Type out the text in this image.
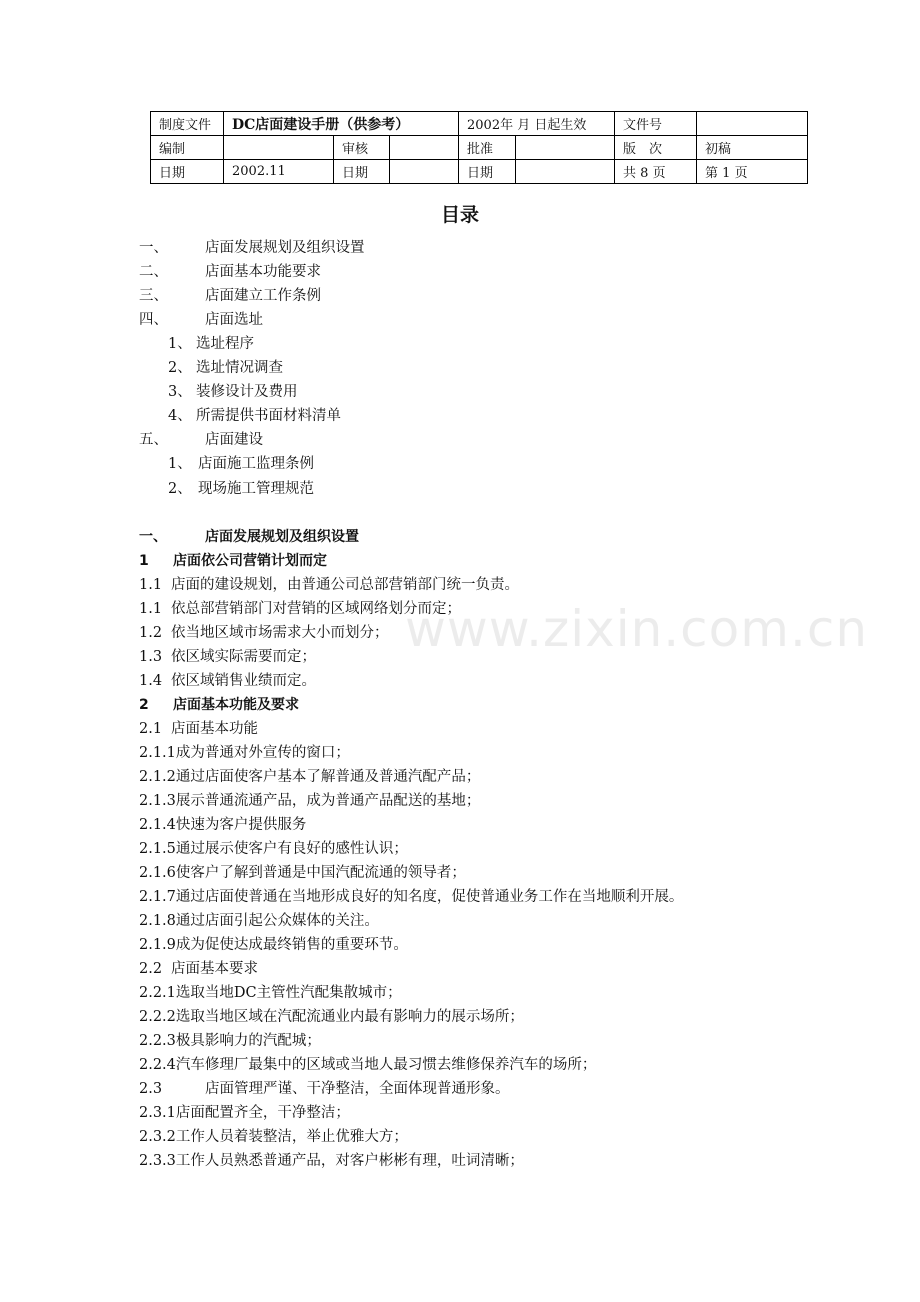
制度文件	DC店面建设手册（供参考）			2002年 月 日起生效		文件号	
编制		审核		批准		版　次	初稿
日期	2002.11	日期		日期		共 8 页	第 1 页
目录
一、	店面发展规划及组织设置
二、	店面基本功能要求
三、	店面建立工作条例
四、	店面选址
1、 选址程序
2、 选址情况调查
3、 装修设计及费用
4、 所需提供书面材料清单
五、	店面建设
1、 店面施工监理条例
2、 现场施工管理规范
一、	店面发展规划及组织设置
1 店面依公司营销计划而定
1.1 店面的建设规划，由普通公司总部营销部门统一负责。
1.1 依总部营销部门对营销的区域网络划分而定；
1.2 依当地区域市场需求大小而划分；
1.3 依区域实际需要而定；
1.4 依区域销售业绩而定。
2 店面基本功能及要求
2.1 店面基本功能
2.1.1成为普通对外宣传的窗口；
2.1.2通过店面使客户基本了解普通及普通汽配产品；
2.1.3展示普通流通产品，成为普通产品配送的基地；
2.1.4快速为客户提供服务
2.1.5通过展示使客户有良好的感性认识；
2.1.6使客户了解到普通是中国汽配流通的领导者；
2.1.7通过店面使普通在当地形成良好的知名度，促使普通业务工作在当地顺利开展。
2.1.8通过店面引起公众媒体的关注。
2.1.9成为促使达成最终销售的重要环节。
2.2 店面基本要求
2.2.1选取当地DC主管性汽配集散城市；
2.2.2选取当地区域在汽配流通业内最有影响力的展示场所；
2.2.3极具影响力的汽配城；
2.2.4汽车修理厂最集中的区域或当地人最习惯去维修保养汽车的场所；
2.3	店面管理严谨、干净整洁，全面体现普通形象。
2.3.1店面配置齐全，干净整洁；
2.3.2工作人员着装整洁，举止优雅大方；
2.3.3工作人员熟悉普通产品，对客户彬彬有理，吐词清晰；
www.zixin.com.cn
